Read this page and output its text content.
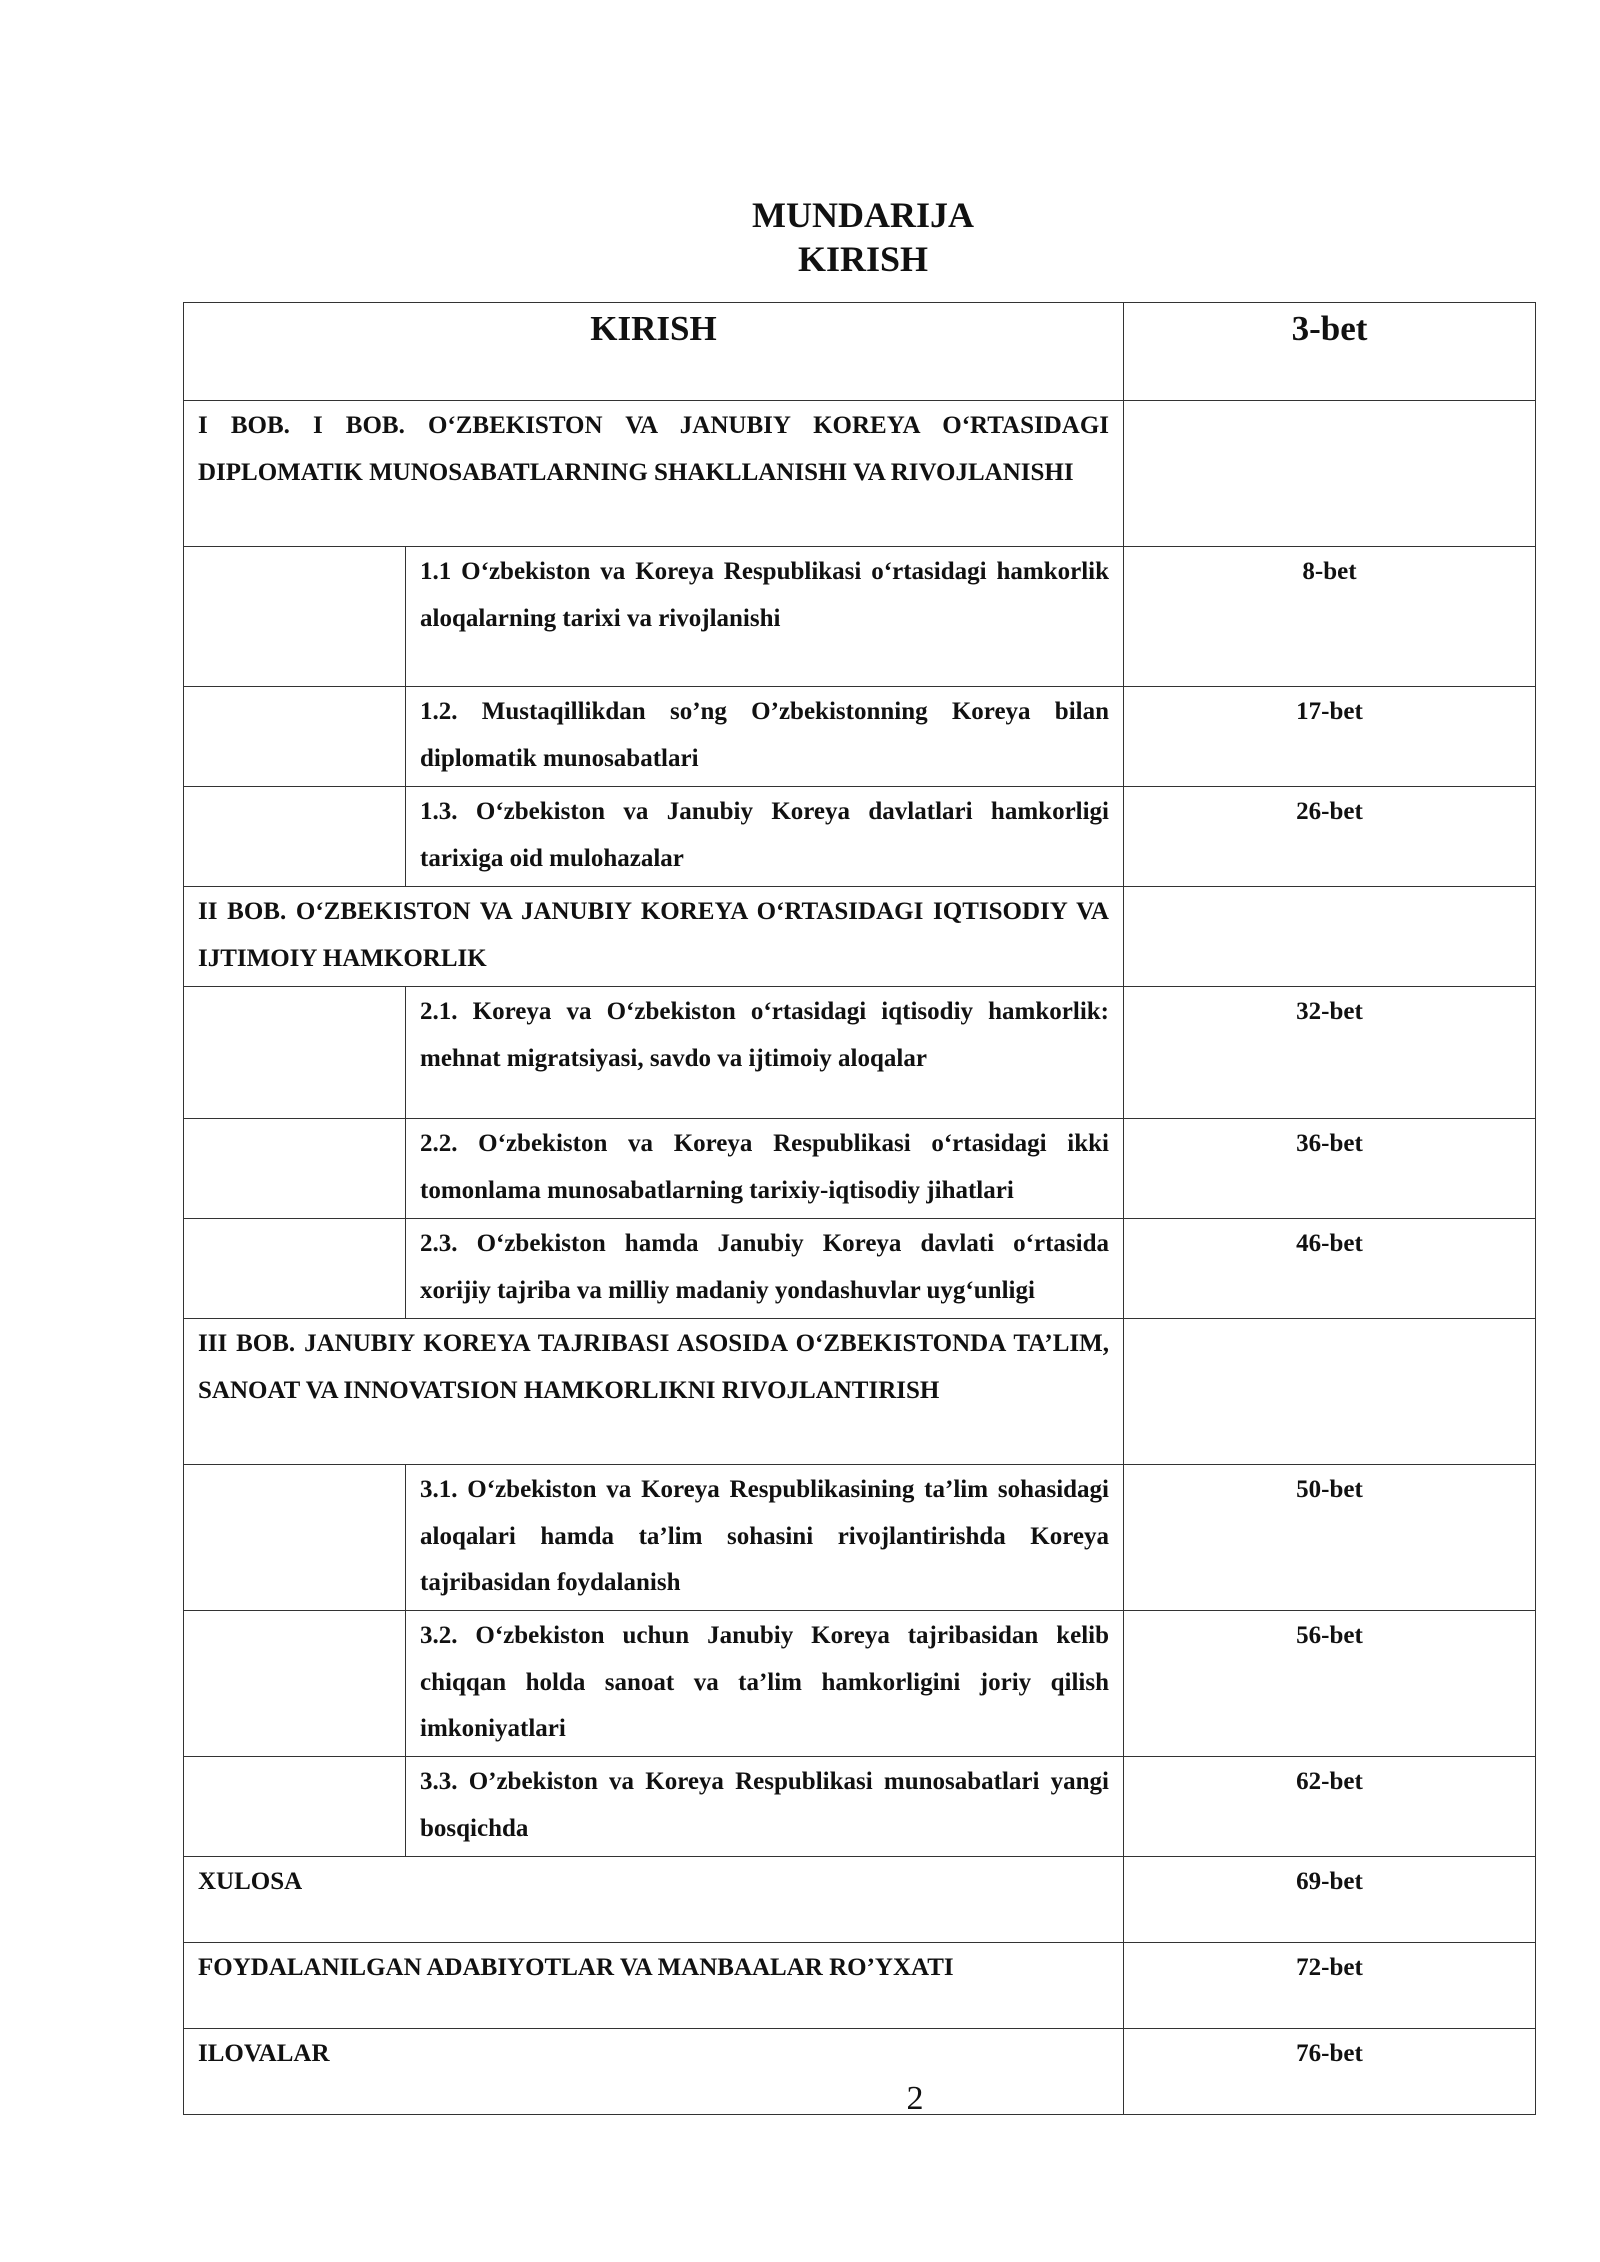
MUNDARIJA
KIRISH
KIRISH		3-bet

I BOB. I BOB. O‘ZBEKISTON VA JANUBIY KOREYA O‘RTASIDAGI DIPLOMATIK MUNOSABATLARNING SHAKLLANISHI VA RIVOJLANISHI		

	1.1 O‘zbekiston va Koreya Respublikasi o‘rtasidagi hamkorlik aloqalarning tarixi va rivojlanishi	8-bet

	1.2. Mustaqillikdan so’ng O’zbekistonning Koreya bilan diplomatik munosabatlari	17-bet

	1.3. O‘zbekiston va Janubiy Koreya davlatlari hamkorligi tarixiga oid mulohazalar	26-bet

II BOB. O‘ZBEKISTON VA JANUBIY KOREYA O‘RTASIDAGI IQTISODIY VA IJTIMOIY HAMKORLIK		

	2.1. Koreya va O‘zbekiston o‘rtasidagi iqtisodiy hamkorlik: mehnat migratsiyasi, savdo va ijtimoiy aloqalar	32-bet

	2.2. O‘zbekiston va Koreya Respublikasi o‘rtasidagi ikki tomonlama munosabatlarning tarixiy-iqtisodiy jihatlari	36-bet

	2.3. O‘zbekiston hamda Janubiy Koreya davlati o‘rtasida xorijiy tajriba va milliy madaniy yondashuvlar uyg‘unligi	46-bet

III BOB. JANUBIY KOREYA TAJRIBASI ASOSIDA O‘ZBEKISTONDA TA’LIM, SANOAT VA INNOVATSION HAMKORLIKNI RIVOJLANTIRISH		

	3.1. O‘zbekiston va Koreya Respublikasining ta’lim sohasidagi aloqalari hamda ta’lim sohasini rivojlantirishda Koreya tajribasidan foydalanish	50-bet

	3.2. O‘zbekiston uchun Janubiy Koreya tajribasidan kelib chiqqan holda sanoat va ta’lim hamkorligini joriy qilish imkoniyatlari	56-bet

	3.3. O’zbekiston va Koreya Respublikasi munosabatlari yangi bosqichda	62-bet

XULOSA		69-bet

FOYDALANILGAN ADABIYOTLAR VA MANBAALAR RO’YXATI		72-bet

ILOVALAR		76-bet
2
